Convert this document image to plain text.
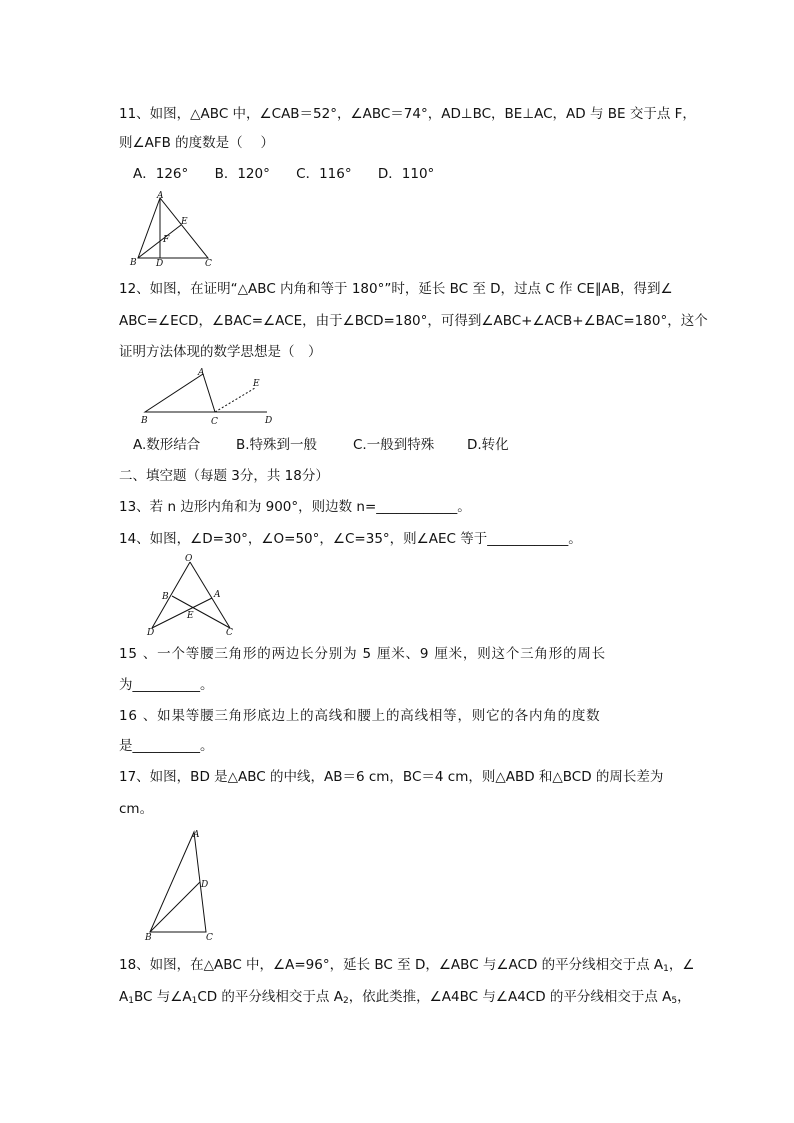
11、如图，△ABC 中，∠CAB＝52°，∠ABC＝74°，AD⊥BC，BE⊥AC，AD 与 BE 交于点 F，
则∠AFB 的度数是（　 ）
A．126° B．120° C．116° D．110°
A
B D	C
E
F
12、如图，在证明“△ABC 内角和等于 180°”时，延长 BC 至 D，过点 C 作 CE∥AB，得到∠
ABC=∠ECD，∠BAC=∠ACE，由于∠BCD=180°，可得到∠ABC+∠ACB+∠BAC=180°，这个
证明方法体现的数学思想是（　）
A
B	C	D
E
A.数形结合	B.特殊到一般	C.一般到特殊 D.转化
二、填空题（每题 3分，共 18分）
13、若 n 边形内角和为 900°，则边数 n=____________。
14、如图，∠D=30°，∠O=50°，∠C=35°，则∠AEC 等于____________。
O
B	A
E
D	C
15 、一个等腰三角形的两边长分别为 5 厘米、9 厘米，则这个三角形的周长
为__________。
16 、如果等腰三角形底边上的高线和腰上的高线相等，则它的各内角的度数
是__________。
17、如图，BD 是△ABC 的中线，AB＝6 cm，BC＝4 cm，则△ABD 和△BCD 的周长差为
cm。
A
D
B	C
18、如图，在△ABC 中，∠A=96°，延长 BC 至 D，∠ABC 与∠ACD 的平分线相交于点 $A_1$，∠
$A_1BC$ 与$\angle A_1CD$ 的平分线相交于点 $A_2$，依此类推，∠A4BC 与∠A4CD 的平分线相交于点 $A_5$，
